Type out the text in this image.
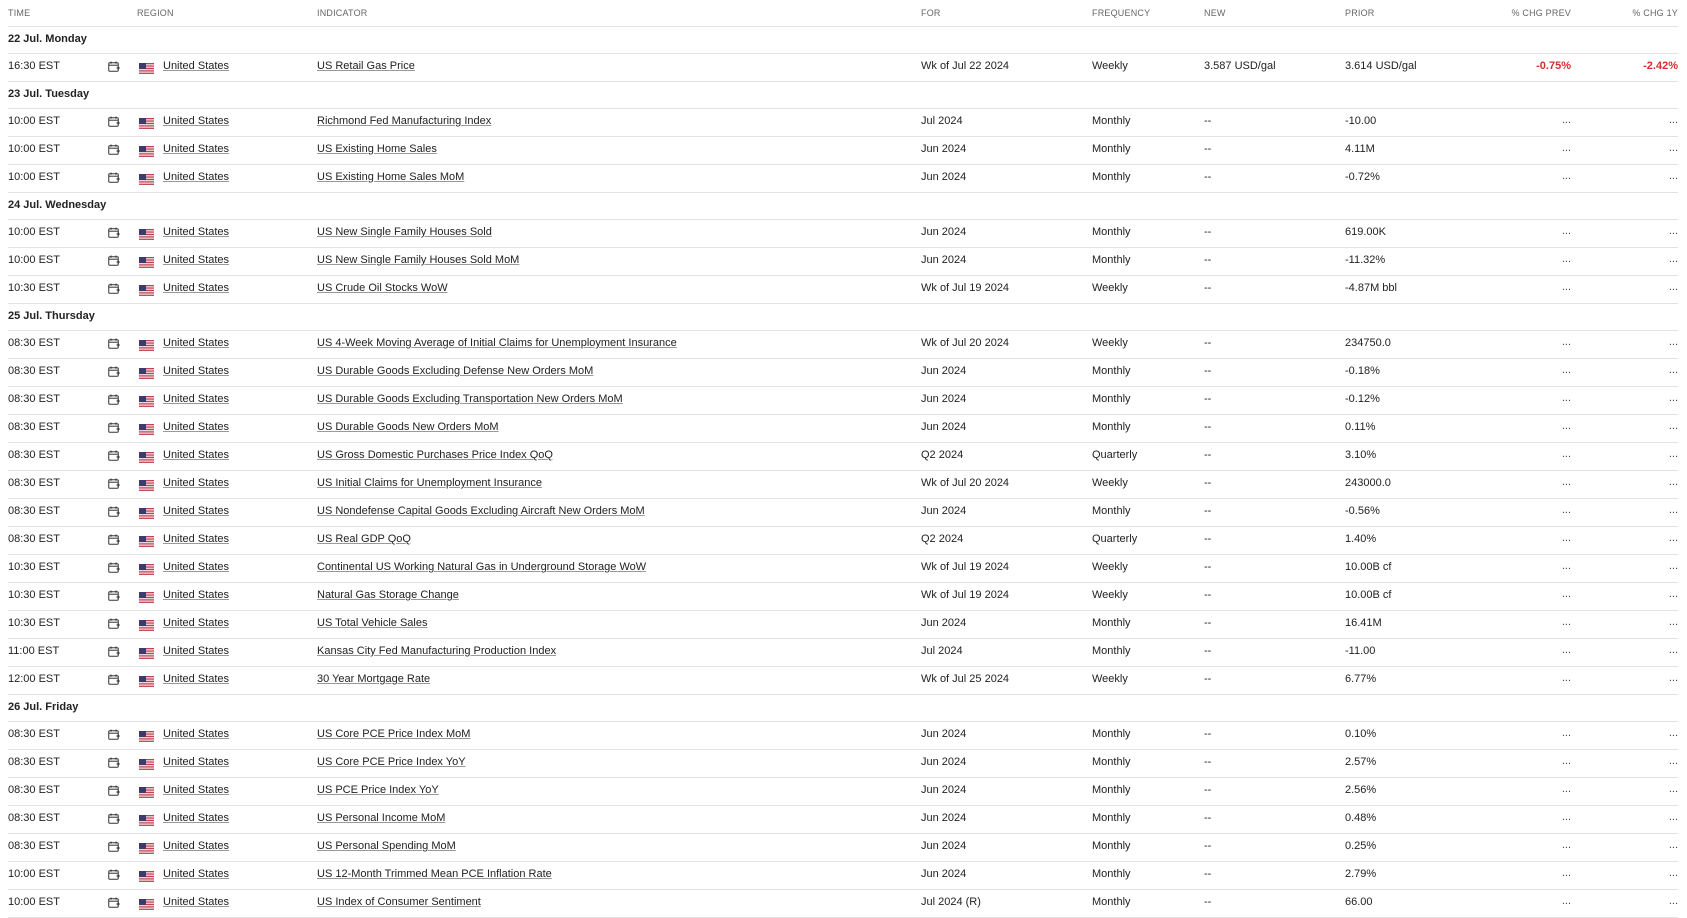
TIME	REGION	INDICATOR	FOR	FREQUENCY	NEW	PRIOR	% CHG PREV	% CHG 1Y
22 Jul. Monday
16:30 EST	United States	US Retail Gas Price	Wk of Jul 22 2024	Weekly	3.587 USD/gal	3.614 USD/gal	-0.75%	-2.42%
23 Jul. Tuesday
10:00 EST	United States	Richmond Fed Manufacturing Index	Jul 2024	Monthly	--	-10.00	...	...
10:00 EST	United States	US Existing Home Sales	Jun 2024	Monthly	--	4.11M	...	...
10:00 EST	United States	US Existing Home Sales MoM	Jun 2024	Monthly	--	-0.72%	...	...
24 Jul. Wednesday
10:00 EST	United States	US New Single Family Houses Sold	Jun 2024	Monthly	--	619.00K	...	...
10:00 EST	United States	US New Single Family Houses Sold MoM	Jun 2024	Monthly	--	-11.32%	...	...
10:30 EST	United States	US Crude Oil Stocks WoW	Wk of Jul 19 2024	Weekly	--	-4.87M bbl	...	...
25 Jul. Thursday
08:30 EST	United States	US 4-Week Moving Average of Initial Claims for Unemployment Insurance	Wk of Jul 20 2024	Weekly	--	234750.0	...	...
08:30 EST	United States	US Durable Goods Excluding Defense New Orders MoM	Jun 2024	Monthly	--	-0.18%	...	...
08:30 EST	United States	US Durable Goods Excluding Transportation New Orders MoM	Jun 2024	Monthly	--	-0.12%	...	...
08:30 EST	United States	US Durable Goods New Orders MoM	Jun 2024	Monthly	--	0.11%	...	...
08:30 EST	United States	US Gross Domestic Purchases Price Index QoQ	Q2 2024	Quarterly	--	3.10%	...	...
08:30 EST	United States	US Initial Claims for Unemployment Insurance	Wk of Jul 20 2024	Weekly	--	243000.0	...	...
08:30 EST	United States	US Nondefense Capital Goods Excluding Aircraft New Orders MoM	Jun 2024	Monthly	--	-0.56%	...	...
08:30 EST	United States	US Real GDP QoQ	Q2 2024	Quarterly	--	1.40%	...	...
10:30 EST	United States	Continental US Working Natural Gas in Underground Storage WoW	Wk of Jul 19 2024	Weekly	--	10.00B cf	...	...
10:30 EST	United States	Natural Gas Storage Change	Wk of Jul 19 2024	Weekly	--	10.00B cf	...	...
10:30 EST	United States	US Total Vehicle Sales	Jun 2024	Monthly	--	16.41M	...	...
11:00 EST	United States	Kansas City Fed Manufacturing Production Index	Jul 2024	Monthly	--	-11.00	...	...
12:00 EST	United States	30 Year Mortgage Rate	Wk of Jul 25 2024	Weekly	--	6.77%	...	...
26 Jul. Friday
08:30 EST	United States	US Core PCE Price Index MoM	Jun 2024	Monthly	--	0.10%	...	...
08:30 EST	United States	US Core PCE Price Index YoY	Jun 2024	Monthly	--	2.57%	...	...
08:30 EST	United States	US PCE Price Index YoY	Jun 2024	Monthly	--	2.56%	...	...
08:30 EST	United States	US Personal Income MoM	Jun 2024	Monthly	--	0.48%	...	...
08:30 EST	United States	US Personal Spending MoM	Jun 2024	Monthly	--	0.25%	...	...
10:00 EST	United States	US 12-Month Trimmed Mean PCE Inflation Rate	Jun 2024	Monthly	--	2.79%	...	...
10:00 EST	United States	US Index of Consumer Sentiment	Jul 2024 (R)	Monthly	--	66.00	...	...
